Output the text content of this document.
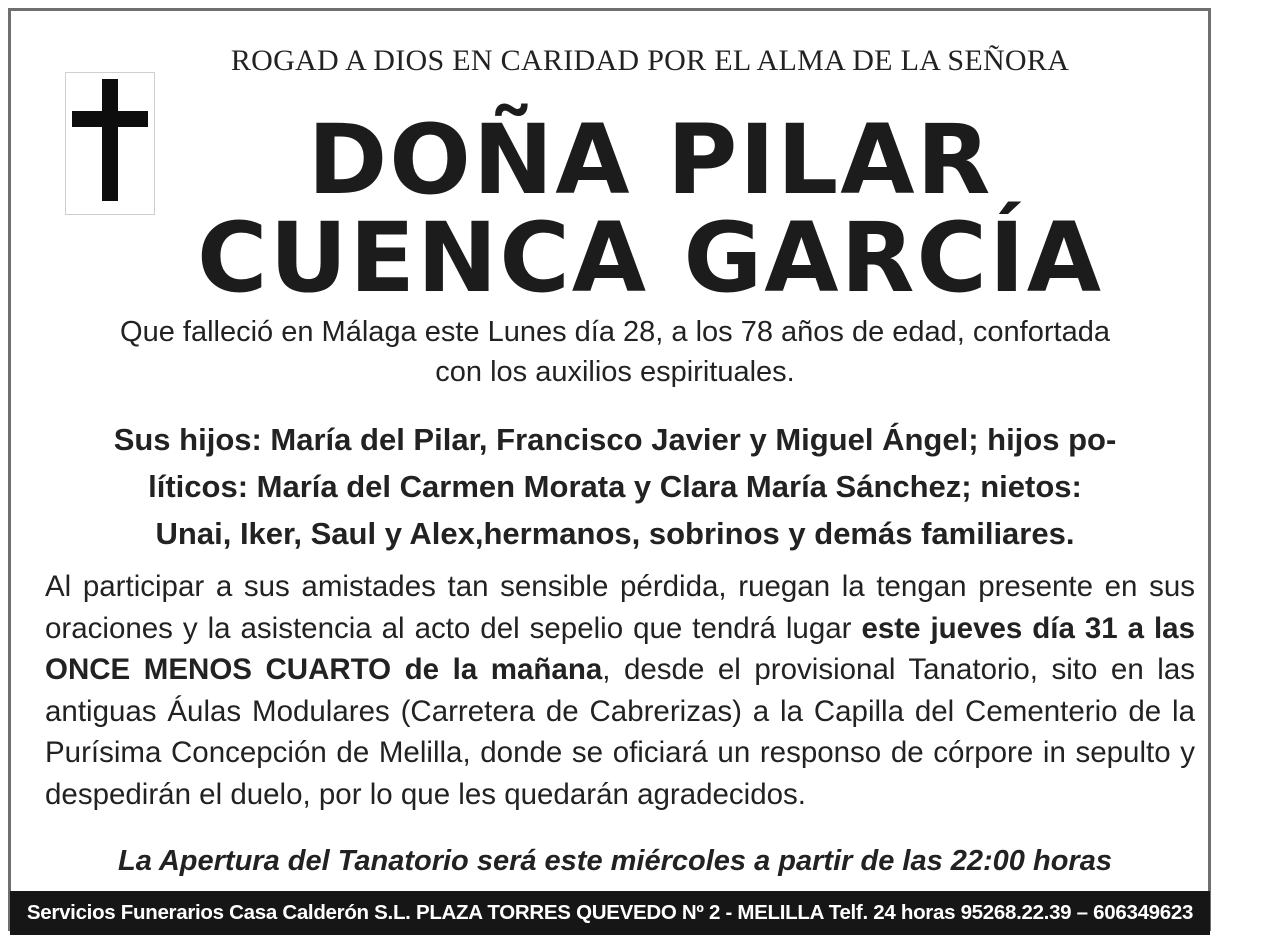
ROGAD A DIOS EN CARIDAD POR EL ALMA DE LA SEÑORA
DOÑA PILAR
CUENCA GARCÍA
Que falleció en Málaga este Lunes día 28, a los 78 años de edad, confortada
con los auxilios espirituales.
Sus hijos: María del Pilar, Francisco Javier y Miguel Ángel; hijos po-
líticos: María del Carmen Morata y Clara María Sánchez; nietos:
Unai, Iker, Saul y Alex,hermanos, sobrinos y demás familiares.
Al participar a sus amistades tan sensible pérdida, ruegan la tengan presente en sus oraciones y la asistencia al acto del sepelio que tendrá lugar este jueves día 31 a las ONCE MENOS CUARTO de la mañana, desde el provisional Tanatorio, sito en las antiguas Áulas Modulares (Carretera de Cabrerizas) a la Capilla del Cementerio de la Purísima Concepción de Melilla, donde se oficiará un responso de córpore in sepulto y despedirán el duelo, por lo que les quedarán agradecidos.
La Apertura del Tanatorio será este miércoles a partir de las 22:00 horas
Servicios Funerarios Casa Calderón S.L. PLAZA TORRES QUEVEDO Nº 2 - MELILLA Telf. 24 horas 95268.22.39 – 606349623
